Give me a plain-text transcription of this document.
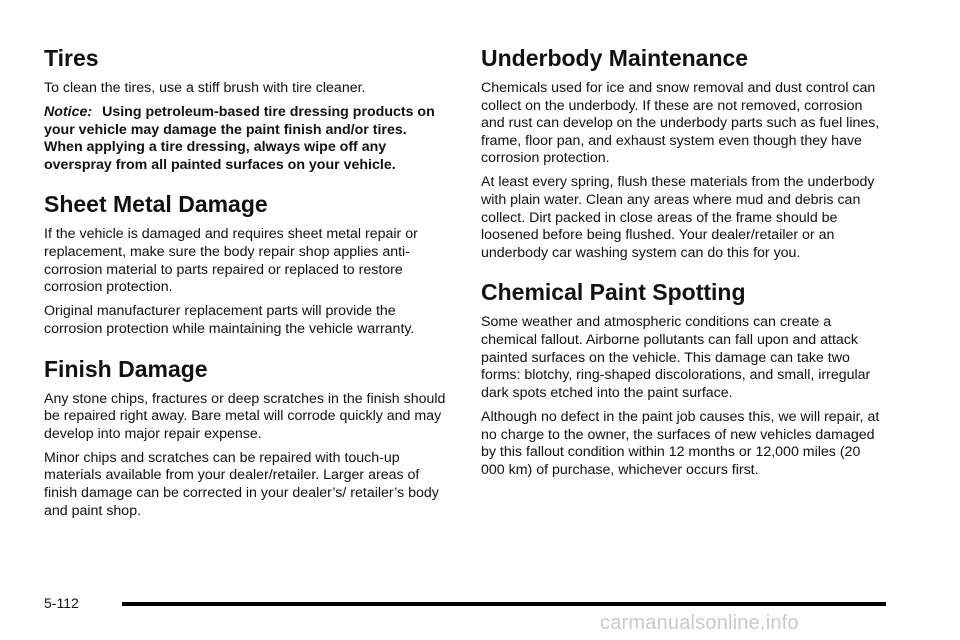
Tires

To clean the tires, use a stiff brush with tire cleaner.

Notice: Using petroleum-based tire dressing products on your vehicle may damage the paint finish and/or tires. When applying a tire dressing, always wipe off any overspray from all painted surfaces on your vehicle.

Sheet Metal Damage

If the vehicle is damaged and requires sheet metal repair or replacement, make sure the body repair shop applies anti-corrosion material to parts repaired or replaced to restore corrosion protection.

Original manufacturer replacement parts will provide the corrosion protection while maintaining the vehicle warranty.

Finish Damage

Any stone chips, fractures or deep scratches in the finish should be repaired right away. Bare metal will corrode quickly and may develop into major repair expense.

Minor chips and scratches can be repaired with touch-up materials available from your dealer/retailer. Larger areas of finish damage can be corrected in your dealer’s/ retailer’s body and paint shop.

Underbody Maintenance

Chemicals used for ice and snow removal and dust control can collect on the underbody. If these are not removed, corrosion and rust can develop on the underbody parts such as fuel lines, frame, floor pan, and exhaust system even though they have corrosion protection.

At least every spring, flush these materials from the underbody with plain water. Clean any areas where mud and debris can collect. Dirt packed in close areas of the frame should be loosened before being flushed. Your dealer/retailer or an underbody car washing system can do this for you.

Chemical Paint Spotting

Some weather and atmospheric conditions can create a chemical fallout. Airborne pollutants can fall upon and attack painted surfaces on the vehicle. This damage can take two forms: blotchy, ring-shaped discolorations, and small, irregular dark spots etched into the paint surface.

Although no defect in the paint job causes this, we will repair, at no charge to the owner, the surfaces of new vehicles damaged by this fallout condition within 12 months or 12,000 miles (20 000 km) of purchase, whichever occurs first.

5-112
carmanualsonline.info
